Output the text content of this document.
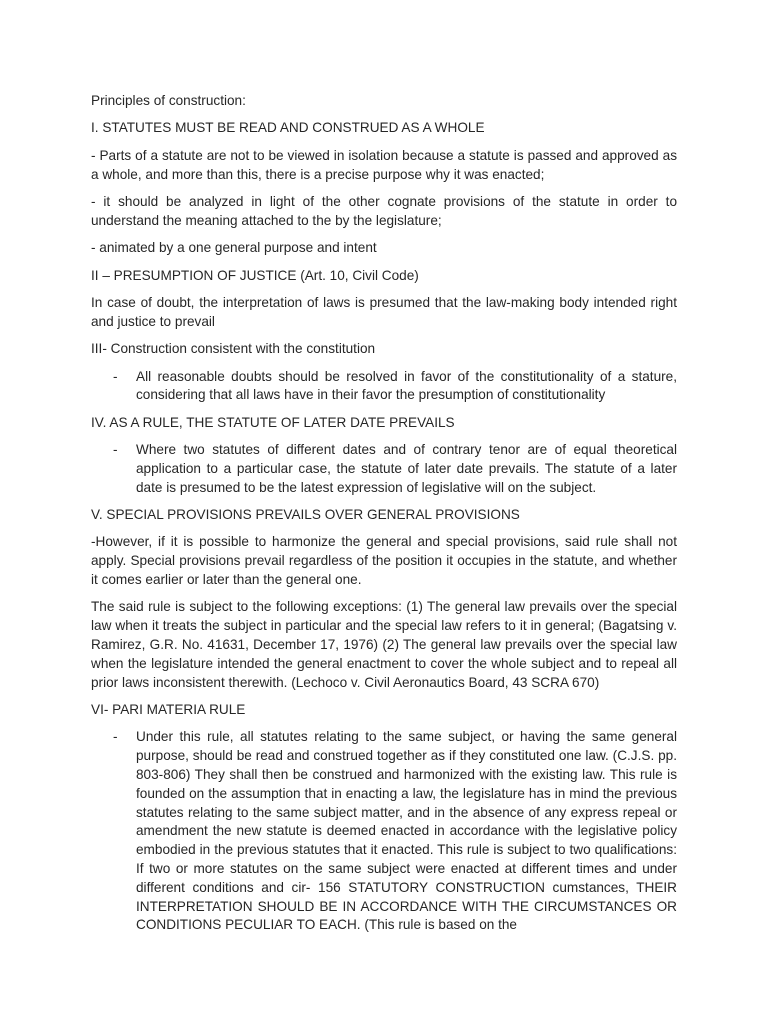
Principles of construction:

I. STATUTES MUST BE READ AND CONSTRUED AS A WHOLE

- Parts of a statute are not to be viewed in isolation because a statute is passed and approved as a whole, and more than this, there is a precise purpose why it was enacted;

- it should be analyzed in light of the other cognate provisions of the statute in order to understand the meaning attached to the by the legislature;

- animated by a one general purpose and intent

II – PRESUMPTION OF JUSTICE (Art. 10, Civil Code)

In case of doubt, the interpretation of laws is presumed that the law-making body intended right and justice to prevail

III- Construction consistent with the constitution

- All reasonable doubts should be resolved in favor of the constitutionality of a stature, considering that all laws have in their favor the presumption of constitutionality

IV. AS A RULE, THE STATUTE OF LATER DATE PREVAILS

- Where two statutes of different dates and of contrary tenor are of equal theoretical application to a particular case, the statute of later date prevails. The statute of a later date is presumed to be the latest expression of legislative will on the subject.

V. SPECIAL PROVISIONS PREVAILS OVER GENERAL PROVISIONS

-However, if it is possible to harmonize the general and special provisions, said rule shall not apply. Special provisions prevail regardless of the position it occupies in the statute, and whether it comes earlier or later than the general one.

The said rule is subject to the following exceptions: (1) The general law prevails over the special law when it treats the subject in particular and the special law refers to it in general; (Bagatsing v. Ramirez, G.R. No. 41631, December 17, 1976) (2) The general law prevails over the special law when the legislature intended the general enactment to cover the whole subject and to repeal all prior laws inconsistent therewith. (Lechoco v. Civil Aeronautics Board, 43 SCRA 670)

VI- PARI MATERIA RULE

- Under this rule, all statutes relating to the same subject, or having the same general purpose, should be read and construed together as if they constituted one law. (C.J.S. pp. 803-806) They shall then be construed and harmonized with the existing law. This rule is founded on the assumption that in enacting a law, the legislature has in mind the previous statutes relating to the same subject matter, and in the absence of any express repeal or amendment the new statute is deemed enacted in accordance with the legislative policy embodied in the previous statutes that it enacted. This rule is subject to two qualifications: If two or more statutes on the same subject were enacted at different times and under different conditions and cir- 156 STATUTORY CONSTRUCTION cumstances, THEIR INTERPRETATION SHOULD BE IN ACCORDANCE WITH THE CIRCUMSTANCES OR CONDITIONS PECULIAR TO EACH. (This rule is based on the
